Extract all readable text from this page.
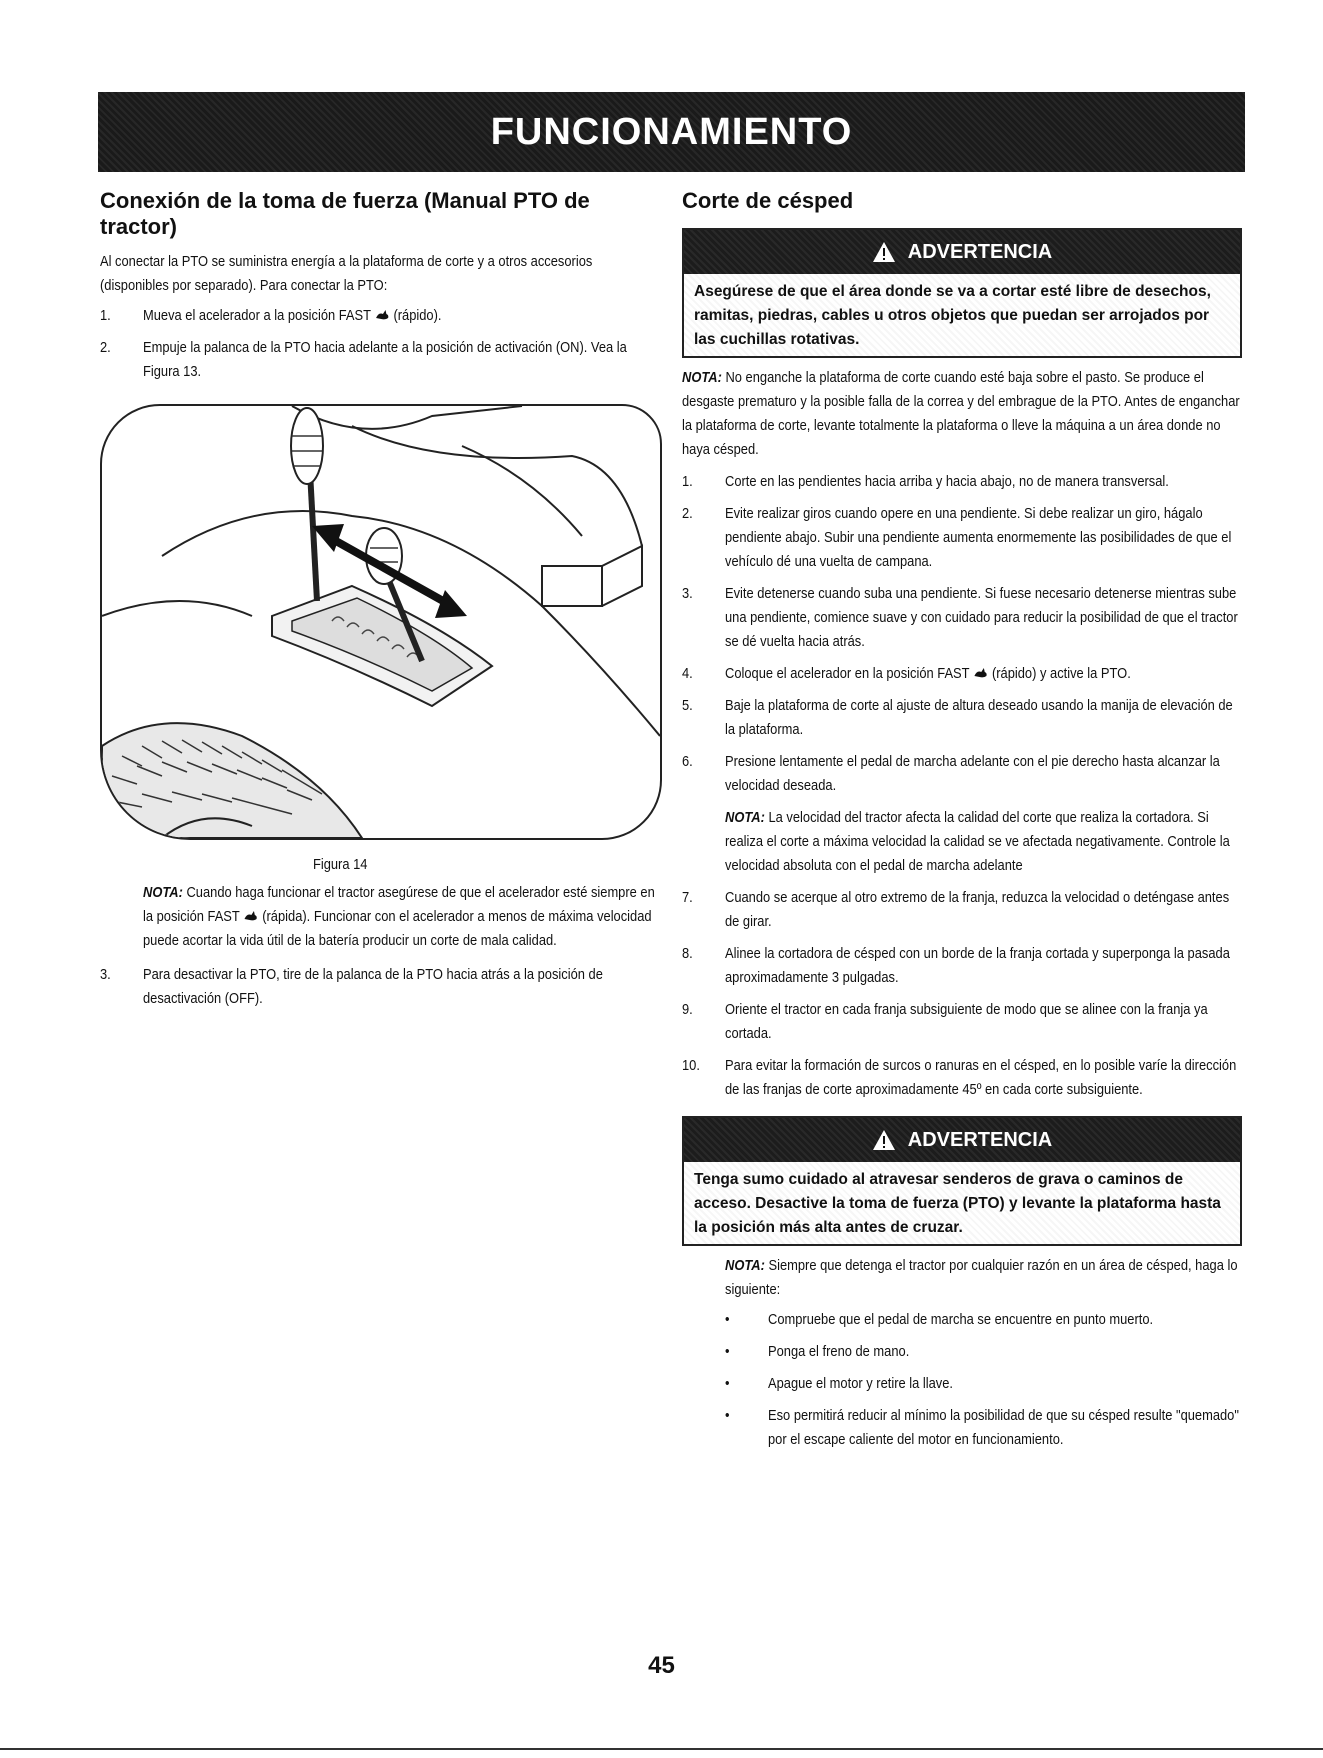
FUNCIONAMIENTO
Conexión de la toma de fuerza (Manual PTO de tractor)

Al conectar la PTO se suministra energía a la plataforma de corte y a otros accesorios (disponibles por separado). Para conectar la PTO:

1. Mueva el acelerador a la posición FAST  (rápido).
2. Empuje la palanca de la PTO hacia adelante a la posición de activación (ON). Vea la Figura 13.
Figura 14

NOTA: Cuando haga funcionar el tractor asegúrese de que el acelerador esté siempre en la posición FAST  (rápida). Funcionar con el acelerador a menos de máxima velocidad puede acortar la vida útil de la batería producir un corte de mala calidad.

3. Para desactivar la PTO, tire de la palanca de la PTO hacia atrás a la posición de desactivación (OFF).
Corte de césped
ADVERTENCIA
Asegúrese de que el área donde se va a cortar esté libre de desechos, ramitas, piedras, cables u otros objetos que puedan ser arrojados por las cuchillas rotativas.

NOTA: No enganche la plataforma de corte cuando esté baja sobre el pasto. Se produce el desgaste prematuro y la posible falla de la correa y del embrague de la PTO. Antes de enganchar la plataforma de corte, levante totalmente la plataforma o lleve la máquina a un área donde no haya césped.

1. Corte en las pendientes hacia arriba y hacia abajo, no de manera transversal.
2. Evite realizar giros cuando opere en una pendiente. Si debe realizar un giro, hágalo pendiente abajo. Subir una pendiente aumenta enormemente las posibilidades de que el vehículo dé una vuelta de campana.
3. Evite detenerse cuando suba una pendiente. Si fuese necesario detenerse mientras sube una pendiente, comience suave y con cuidado para reducir la posibilidad de que el tractor se dé vuelta hacia atrás.
4. Coloque el acelerador en la posición FAST  (rápido) y active la PTO.
5. Baje la plataforma de corte al ajuste de altura deseado usando la manija de elevación de la plataforma.
6. Presione lentamente el pedal de marcha adelante con el pie derecho hasta alcanzar la velocidad deseada.

NOTA: La velocidad del tractor afecta la calidad del corte que realiza la cortadora. Si realiza el corte a máxima velocidad la calidad se ve afectada negativamente. Controle la velocidad absoluta con el pedal de marcha adelante

7. Cuando se acerque al otro extremo de la franja, reduzca la velocidad o deténgase antes de girar.
8. Alinee la cortadora de césped con un borde de la franja cortada y superponga la pasada aproximadamente 3 pulgadas.
9. Oriente el tractor en cada franja subsiguiente de modo que se alinee con la franja ya cortada.
10. Para evitar la formación de surcos o ranuras en el césped, en lo posible varíe la dirección de las franjas de corte aproximadamente 45º en cada corte subsiguiente.
ADVERTENCIA
Tenga sumo cuidado al atravesar senderos de grava o caminos de acceso. Desactive la toma de fuerza (PTO) y levante la plataforma hasta la posición más alta antes de cruzar.

NOTA: Siempre que detenga el tractor por cualquier razón en un área de césped, haga lo siguiente:

• Compruebe que el pedal de marcha se encuentre en punto muerto.
• Ponga el freno de mano.
• Apague el motor y retire la llave.
• Eso permitirá reducir al mínimo la posibilidad de que su césped resulte "quemado" por el escape caliente del motor en funcionamiento.
45
